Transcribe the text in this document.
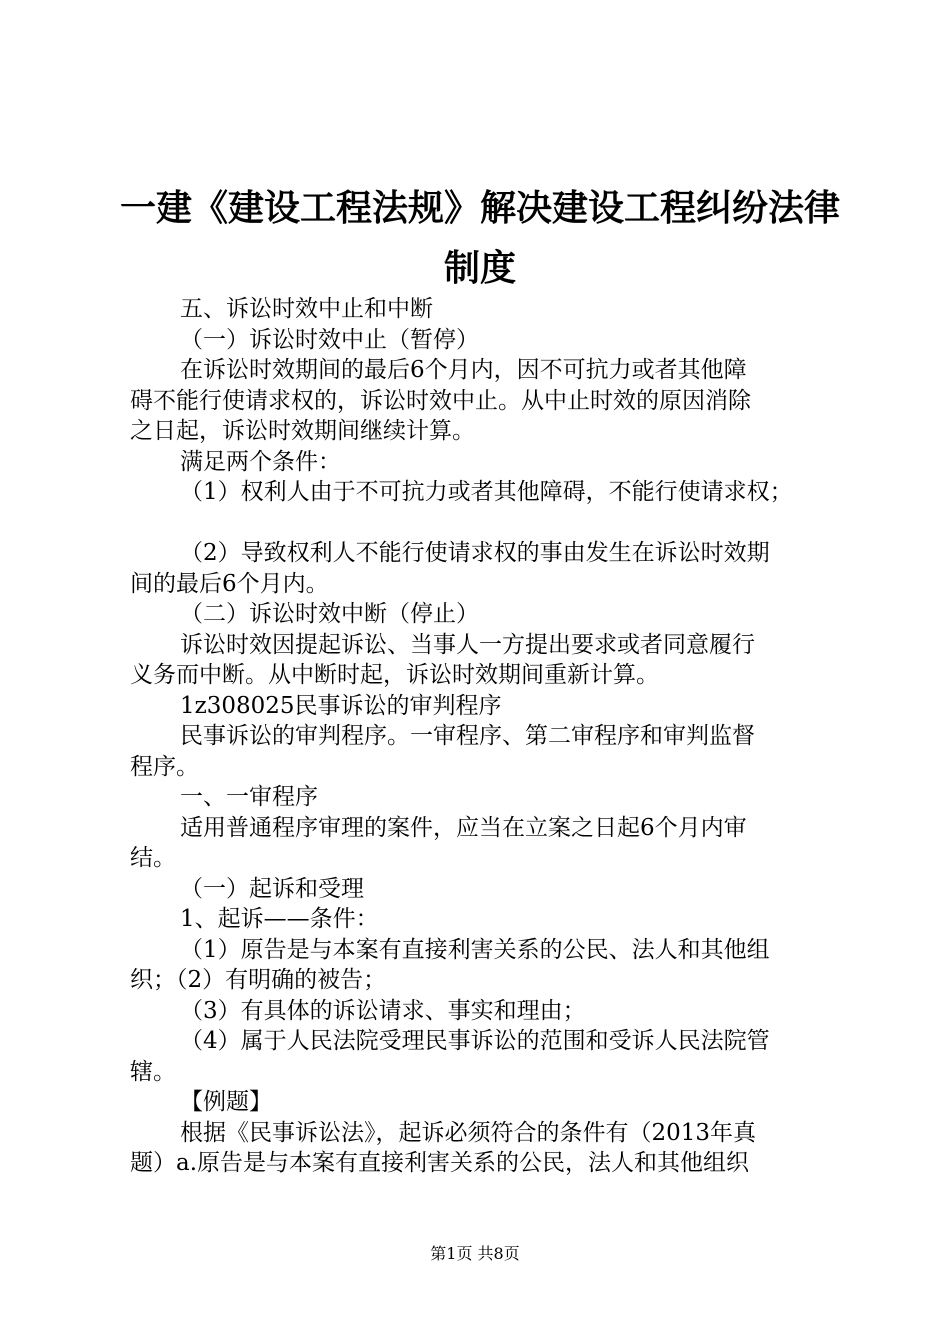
一建《建设工程法规》解决建设工程纠纷法律
制度

五、诉讼时效中止和中断

（一）诉讼时效中止（暂停）

在诉讼时效期间的最后6个月内，因不可抗力或者其他障

碍不能行使请求权的，诉讼时效中止。从中止时效的原因消除

之日起，诉讼时效期间继续计算。

满足两个条件：

（1）权利人由于不可抗力或者其他障碍，不能行使请求权；

（2）导致权利人不能行使请求权的事由发生在诉讼时效期

间的最后6个月内。

（二）诉讼时效中断（停止）

诉讼时效因提起诉讼、当事人一方提出要求或者同意履行

义务而中断。从中断时起，诉讼时效期间重新计算。

1z308025民事诉讼的审判程序

民事诉讼的审判程序。一审程序、第二审程序和审判监督

程序。

一、一审程序

适用普通程序审理的案件，应当在立案之日起6个月内审

结。

（一）起诉和受理

1、起诉——条件：

（1）原告是与本案有直接利害关系的公民、法人和其他组

织；（2）有明确的被告；

（3）有具体的诉讼请求、事实和理由；

（4）属于人民法院受理民事诉讼的范围和受诉人民法院管

辖。

【例题】

根据《民事诉讼法》，起诉必须符合的条件有（2013年真

题）a.原告是与本案有直接利害关系的公民，法人和其他组织

第1页 共8页
